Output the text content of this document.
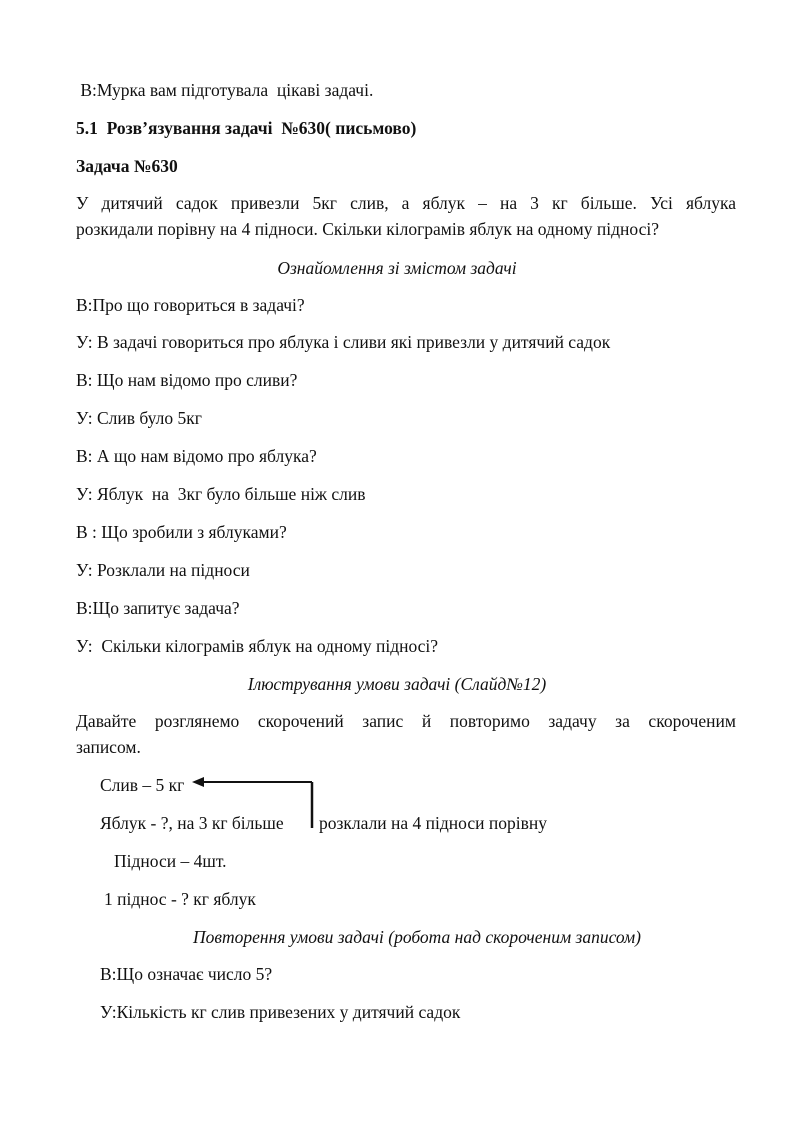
В:Мурка вам підготувала  цікаві задачі.
5.1  Розв’язування задачі  №630( письмово)
Задача №630
У дитячий садок привезли 5кг слив, а яблук – на 3 кг більше. Усі яблука
розкидали порівну на 4 підноси. Скільки кілограмів яблук на одному підносі?
Ознайомлення зі змістом задачі
В:Про що говориться в задачі?
У: В задачі говориться про яблука і сливи які привезли у дитячий садок
В: Що нам відомо про сливи?
У: Слив було 5кг
В: А що нам відомо про яблука?
У: Яблук  на  3кг було більше ніж слив
В : Що зробили з яблуками?
У: Розклали на підноси
В:Що запитує задача?
У:  Скільки кілограмів яблук на одному підносі?
Ілюстрування умови задачі (Слайд№12)
Давайте розглянемо скорочений запис й повторимо задачу за скороченим
записом.
Слив – 5 кг
Яблук - ?, на 3 кг більше розклали на 4 підноси порівну
Підноси – 4шт.
1 піднос - ? кг яблук
Повторення умови задачі (робота над скороченим записом)
В:Що означає число 5?
У:Кількість кг слив привезених у дитячий садок
